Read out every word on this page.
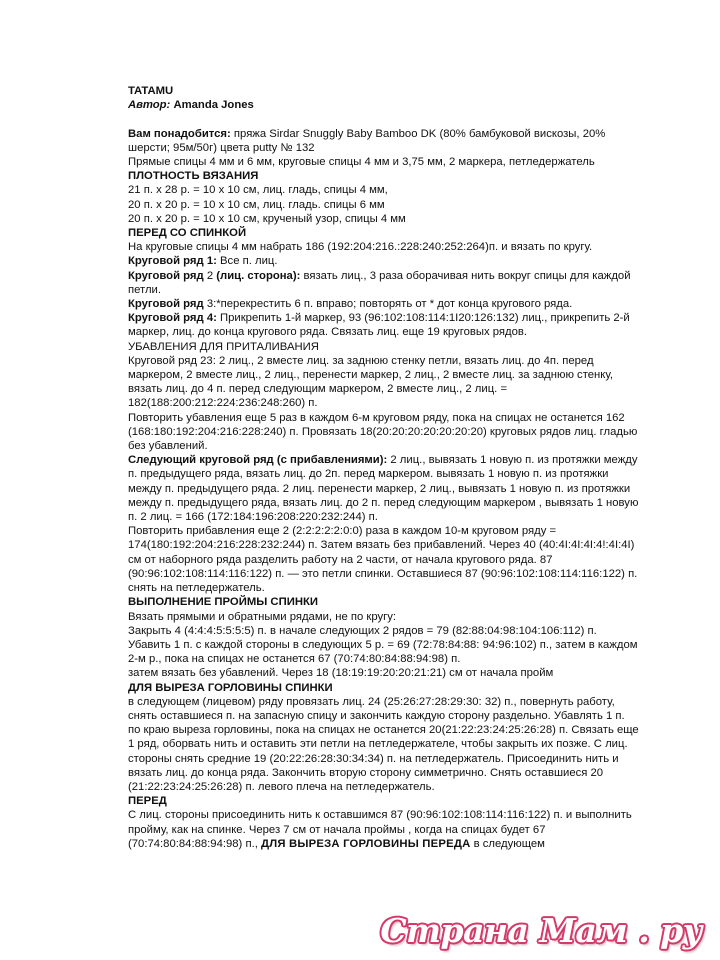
TATAMU

Автор: Amanda Jones

Вам понадобится: пряжа Sirdar Snuggly Baby Bamboo DK (80% бамбуковой вискозы, 20% шерсти; 95м/50г) цвета putty № 132

Прямые спицы 4 мм и 6 мм, круговые спицы 4 мм и 3,75 мм, 2 маркера, петледержатель

ПЛОТНОСТЬ ВЯЗАНИЯ

21 п. х 28 р. = 10 х 10 см, лиц. гладь, спицы 4 мм,

20 п. х 20 р. = 10 х 10 см, лиц. гладь. спицы 6 мм

20 п. х 20 р. = 10 х 10 см, крученый узор, спицы 4 мм

ПЕРЕД СО СПИНКОЙ

На круговые спицы 4 мм набрать 186 (192:204:216.:228:240:252:264)п. и вязать по кругу.

Круговой ряд 1: Все п. лиц.

Круговой ряд 2 (лиц. сторона): вязать лиц., 3 раза оборачивая нить вокруг спицы для каждой петли.

Круговой ряд 3:*перекрестить 6 п. вправо; повторять от * дот конца кругового ряда.

Круговой ряд 4: Прикрепить 1-й маркер, 93 (96:102:108:114:1І20:126:132) лиц., прикрепить 2-й маркер, лиц. до конца кругового ряда. Связать лиц. еще 19 круговых рядов.

УБАВЛЕНИЯ ДЛЯ ПРИТАЛИВАНИЯ

Круговой ряд 23: 2 лиц., 2 вместе лиц. за заднюю стенку петли, вязать лиц. до 4п. перед маркером, 2 вместе лиц., 2 лиц., перенести маркер, 2 лиц., 2 вместе лиц. за заднюю стенку, вязать лиц. до 4 п. перед следующим маркером, 2 вместе лиц., 2 лиц. = 182(188:200:212:224:236:248:260) п.

Повторить убавления еще 5 раз в каждом 6-м круговом ряду, пока на спицах не останется 162 (168:180:192:204:216:228:240) п. Провязать 18(20:20:20:20:20:20:20) круговых рядов лиц. гладью без убавлений.

Следующий круговой ряд (с прибавлениями): 2 лиц., вывязать 1 новую п. из протяжки между п. предыдущего ряда, вязать лиц. до 2п. перед маркером. вывязать 1 новую п. из протяжки между п. предыдущего ряда. 2 лиц. перенести маркер, 2 лиц., вывязать 1 новую п. из протяжки между п. предыдущего ряда, вязать лиц. до 2 п. перед следующим маркером , вывязать 1 новую п. 2 лиц. = 166 (172:184:196:208:220:232:244) п.

Повторить прибавления еще 2 (2:2:2:2:2:0:0) раза в каждом 10-м круговом ряду = 174(180:192:204:216:228:232:244) п. Затем вязать без прибавлений. Через 40 (40:4І:4І:4І:4!:4І:4І) см от наборного ряда разделить работу на 2 части, от начала кругового ряда. 87 (90:96:102:108:114:116:122) п. — это петли спинки. Оставшиеся 87 (90:96:102:108:114:116:122) п. снять на петледержатель.

ВЫПОЛНЕНИЕ ПРОЙМЫ СПИНКИ

Вязать прямыми и обратными рядами, не по кругу:

Закрыть 4 (4:4:4:5:5:5:5) п. в начале следующих 2 рядов = 79 (82:88:04:98:104:106:112) п. Убавить 1 п. с каждой стороны в следующих 5 р. = 69 (72:78:84:88: 94:96:102) п., затем в каждом 2-м р., пока на спицах не останется 67 (70:74:80:84:88:94:98) п.

затем вязать без убавлений. Через 18 (18:19:19:20:20:21:21) см от начала пройм

ДЛЯ ВЫРЕЗА ГОРЛОВИНЫ СПИНКИ

в следующем (лицевом) ряду провязать лиц. 24 (25:26:27:28:29:30: 32) п., повернуть работу, снять оставшиеся п. на запасную спицу и закончить каждую сторону раздельно. Убавлять 1 п. по краю выреза горловины, пока на спицах не останется 20(21:22:23:24:25:26:28) п. Связать еще 1 ряд, оборвать нить и оставить эти петли на петледержателе, чтобы закрыть их позже. С лиц. стороны снять средние 19 (20:22:26:28:30:34:34) п. на петледержатель. Присоединить нить и вязать лиц. до конца ряда. Закончить вторую сторону симметрично. Снять оставшиеся 20 (21:22:23:24:25:26:28) п. левого плеча на петледержатель.

ПЕРЕД

С лиц. стороны присоединить нить к оставшимся 87 (90:96:102:108:114:116:122) п. и выполнить пройму, как на спинке. Через 7 см от начала проймы , когда на спицах будет 67 (70:74:80:84:88:94:98) п., ДЛЯ ВЫРЕЗА ГОРЛОВИНЫ ПЕРЕДА в следующем

Страна Мам . ру
